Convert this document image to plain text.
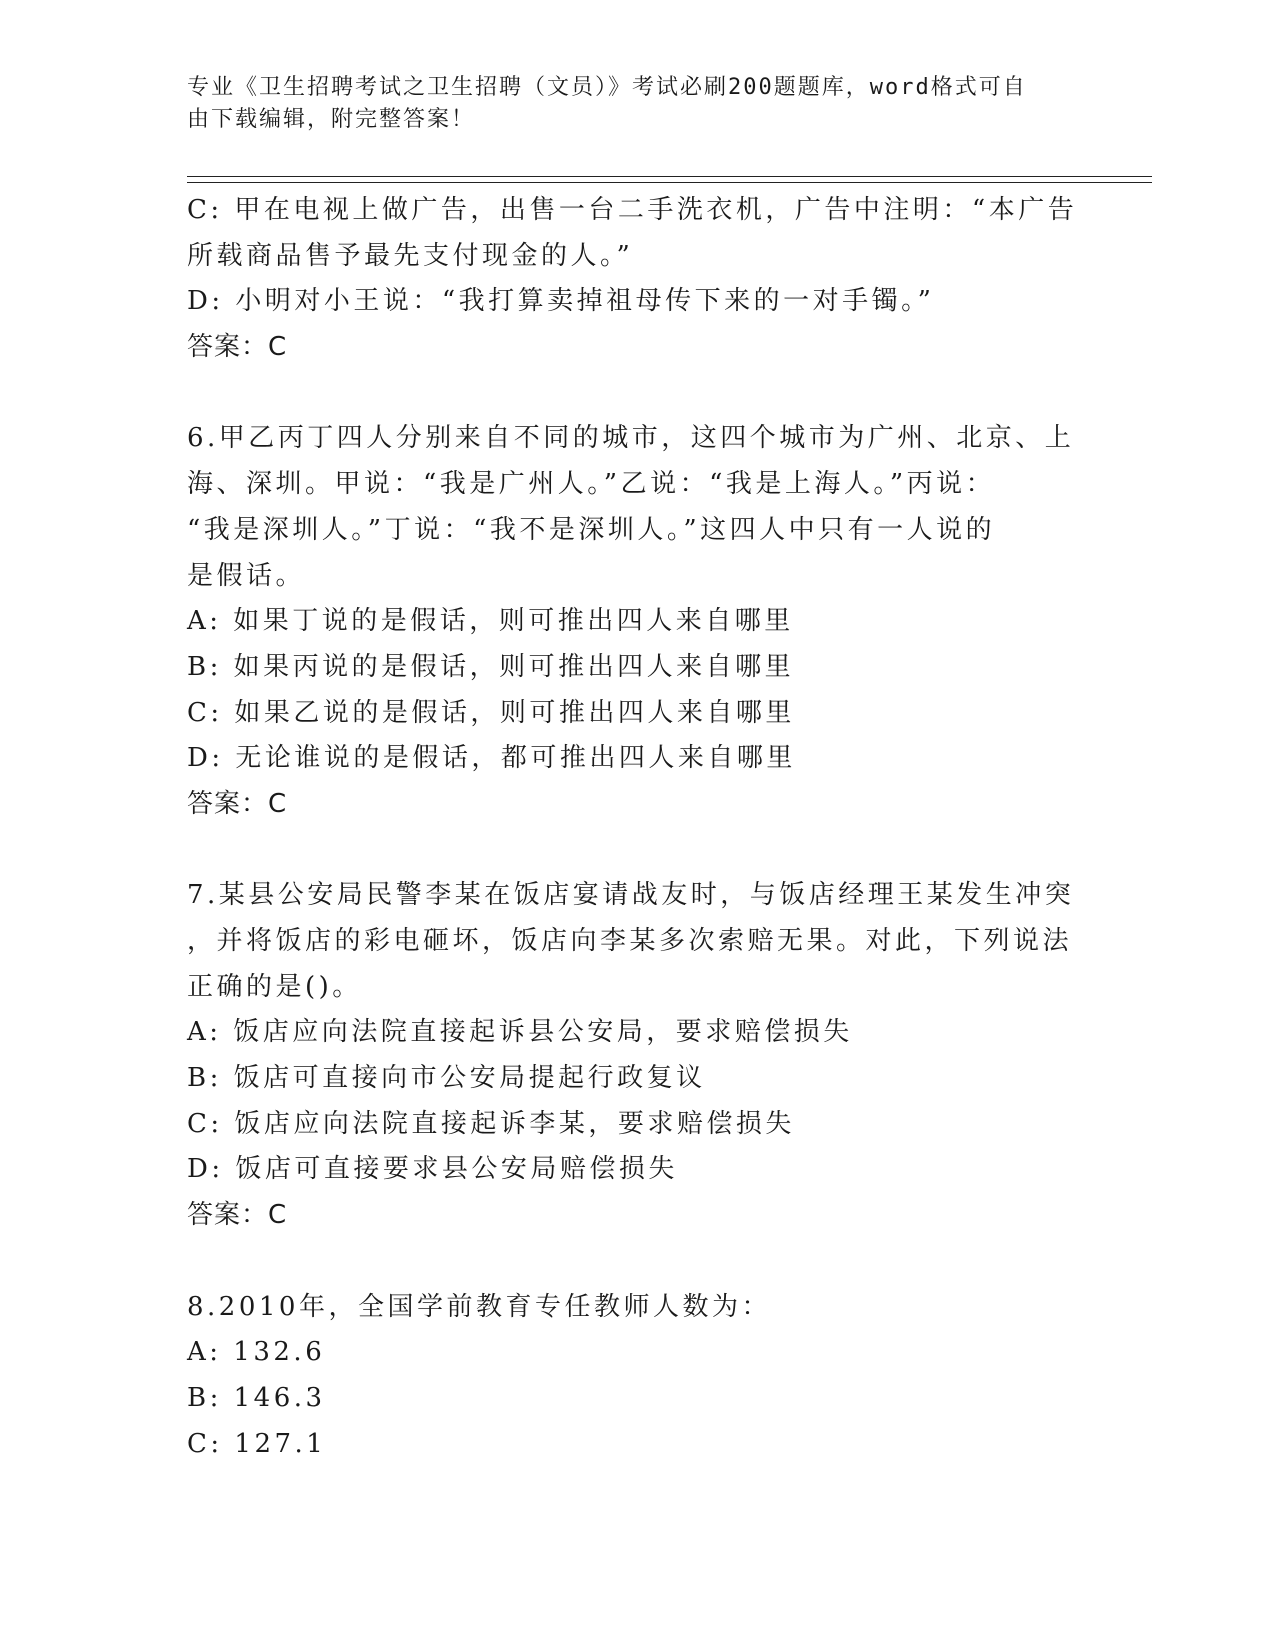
专业《卫生招聘考试之卫生招聘（文员）》考试必刷200题题库，word格式可自
由下载编辑，附完整答案！
C: 甲在电视上做广告，出售一台二手洗衣机，广告中注明：“本广告
所载商品售予最先支付现金的人。”
D: 小明对小王说：“我打算卖掉祖母传下来的一对手镯。”
答案：C
6.甲乙丙丁四人分别来自不同的城市，这四个城市为广州、北京、上
海、深圳。甲说：“我是广州人。”乙说：“我是上海人。”丙说：
“我是深圳人。”丁说：“我不是深圳人。”这四人中只有一人说的
是假话。
A: 如果丁说的是假话，则可推出四人来自哪里
B: 如果丙说的是假话，则可推出四人来自哪里
C: 如果乙说的是假话，则可推出四人来自哪里
D: 无论谁说的是假话，都可推出四人来自哪里
答案：C
7.某县公安局民警李某在饭店宴请战友时，与饭店经理王某发生冲突
，并将饭店的彩电砸坏，饭店向李某多次索赔无果。对此，下列说法
正确的是()。
A: 饭店应向法院直接起诉县公安局，要求赔偿损失
B: 饭店可直接向市公安局提起行政复议
C: 饭店应向法院直接起诉李某，要求赔偿损失
D: 饭店可直接要求县公安局赔偿损失
答案：C
8.2010年，全国学前教育专任教师人数为：
A: 132.6
B: 146.3
C: 127.1
